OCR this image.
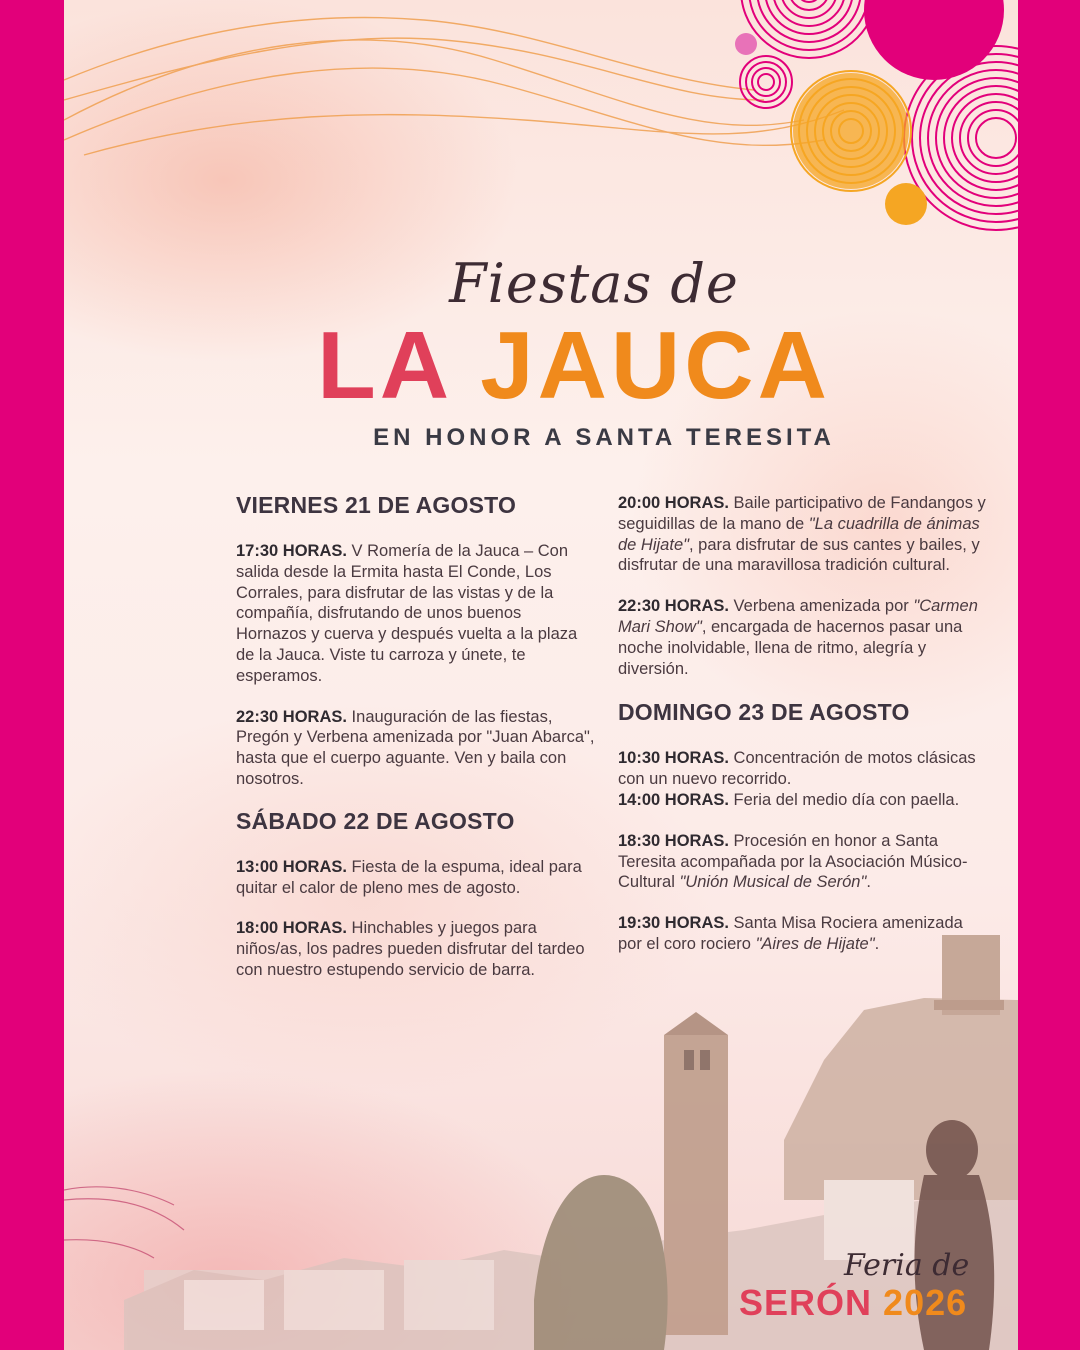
Fiestas de
LA JAUCA
EN HONOR A SANTA TERESITA
VIERNES 21 DE AGOSTO
17:30 HORAS. V Romería de la Jauca – Con salida desde la Ermita hasta El Conde, Los Corrales, para disfrutar de las vistas y de la compañía, disfrutando de unos buenos Hornazos y cuerva y después vuelta a la plaza de la Jauca. Viste tu carroza y únete, te esperamos.
22:30 HORAS. Inauguración de las fiestas, Pregón y Verbena amenizada por "Juan Abarca", hasta que el cuerpo aguante. Ven y baila con nosotros.
SÁBADO 22 DE AGOSTO
13:00 HORAS. Fiesta de la espuma, ideal para quitar el calor de pleno mes de agosto.
18:00 HORAS. Hinchables y juegos para niños/as, los padres pueden disfrutar del tardeo con nuestro estupendo servicio de barra.
20:00 HORAS. Baile participativo de Fandangos y seguidillas de la mano de "La cuadrilla de ánimas de Hijate", para disfrutar de sus cantes y bailes, y disfrutar de una maravillosa tradición cultural.
22:30 HORAS. Verbena amenizada por "Carmen Mari Show", encargada de hacernos pasar una noche inolvidable, llena de ritmo, alegría y diversión.
DOMINGO 23 DE AGOSTO
10:30 HORAS. Concentración de motos clásicas con un nuevo recorrido.
14:00 HORAS. Feria del medio día con paella.
18:30 HORAS. Procesión en honor a Santa Teresita acompañada por la Asociación Músico-Cultural "Unión Musical de Serón".
19:30 HORAS. Santa Misa Rociera amenizada por el coro rociero "Aires de Hijate".
Feria de
SERÓN 2026
